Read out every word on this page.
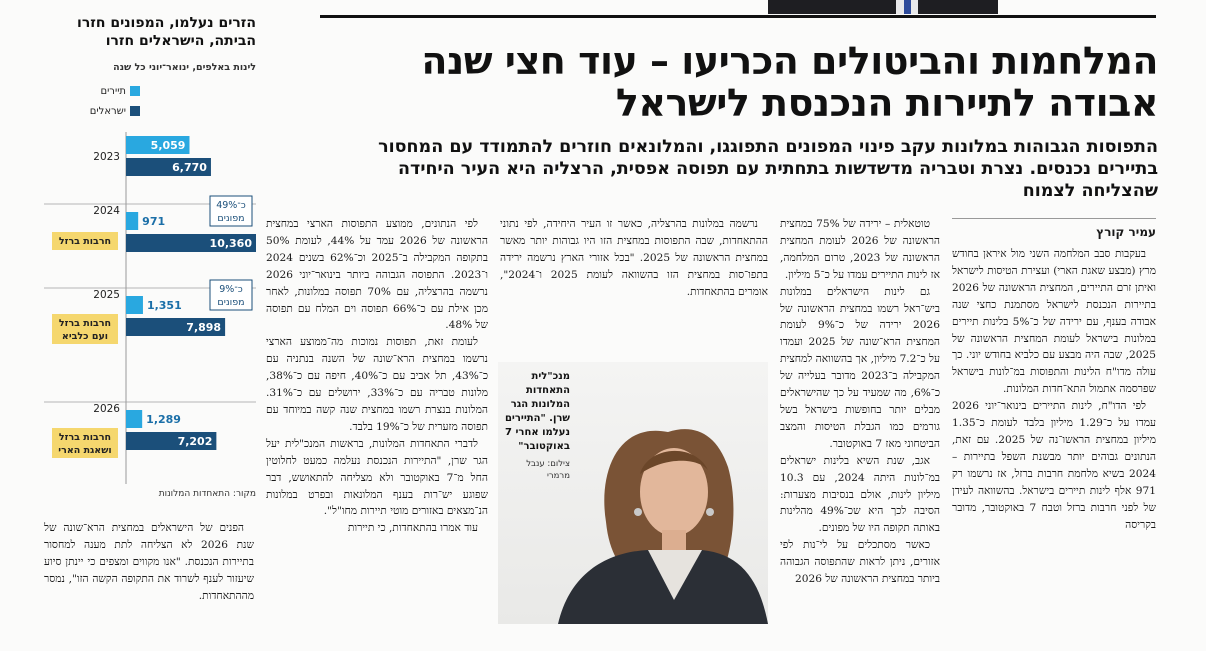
המלחמות והביטולים הכריעו – עוד חצי שנה אבודה לתיירות הנכנסת לישראל
התפוסות הגבוהות במלונות עקב פינוי המפונים התפוגגו, והמלונאים חוזרים להתמודד עם המחסור בתיירים נכנסים. נצרת וטבריה מדשדשות בתחתית עם תפוסה אפסית, הרצליה היא העיר היחידה שהצליחה לצמוח
עמיר קורץ

בעקבות סבב המלחמה השני מול איראן בחודש מרץ (מבצע שאגת הארי) ועצירת הטיסות לישראל ואיתן זרם התיירים, המחצית הראשונה של 2026 בתיירות הנכנסת לישראל מסתמנת כחצי שנה אבודה בענף, עם ירידה של כ־5% בלינות תיירים במלונות בישראל לעומת המחצית הראשונה של 2025, שבה היה מבצע עם כלביא בחודש יוני. כך עולה מדו"ח הלינות והתפוסות במ־לונות בישראל שפרסמה אתמול התא־חדות המלונות.

לפי הדו"ח, לינות התיירים בינואר־יוני 2026 עמדו על כ־1.29 מיליון בלבד לעומת כ־1.35 מיליון במחצית הראשו־נה של 2025. עם זאת, הנתונים גבוהים יותר מבשנת השפל בתיירות – 2024 בשיא מלחמת חרבות ברזל, אז נרשמו רק 971 אלף לינות תיירים בישראל. בהשוואה לעידן של לפני חרבות ברזל וטבח 7 באוקטובר, מדובר בקריסה

טוטאלית – ירידה של 75% במחצית הראשונה של 2026 לעומת המחצית הראשונה של 2023, טרום המלחמה, אז לינות התיירים עמדו על כ־5 מיליון.

גם לינות הישראלים במלונות ביש־ראל רשמו במחצית הראשונה של 2026 ירידה של כ־9% לעומת המחצית הרא־שונה של 2025 ועמדו על כ־7.2 מיליון, אך בהשוואה למחצית המקבילה ב־2023 מדובר בעלייה של כ־6%, מה שמעיד על כך שהישראלים מבלים יותר בחופשות בישראל בשל גורמים כמו הגבלת הטיסות והמצב הביטחוני מאז 7 באוקטובר.

אגב, שנת השיא בלינות ישראלים במ־לונות היתה 2024, עם 10.3 מיליון לינות, אולם בנסיבות מצערות: הסיבה לכך היא שכ־49% מהלינות באותה תקופה היו של מפונים.

כאשר מסתכלים על לי־נות לפי אזורים, ניתן לראות שהתפוסה הגבוהה ביותר במחצית הראשונה של 2026

נרשמה במלונות בהרצליה, כאשר זו העיר היחידה, לפי נתוני ההתאחדות, שבה התפוסות במחצית הזו היו גבוהות יותר מאשר במחצית הראשונה של 2025. "בכל אזורי הארץ נרשמה ירידה בתפו־סות במחצית הזו בהשוואה לעומת 2025 ו־2024", אומרים בהתאחדות.

לפי הנתונים, ממוצע התפוסות הארצי במחצית הראשונה של 2026 עמד על 44%, לעומת 50% בתקופה המקבילה ב־2025 וכ־62% בשנים 2024 ו־2023. התפוסה הגבוהה ביותר בינואר־יוני 2026 נרשמה בהרצליה, עם 70% תפוסה במלונות, לאחר מכן אילת עם כ־66% תפוסה וים המלח עם תפוסה של 48%.

לעומת זאת, תפוסות נמוכות מה־ממוצע הארצי נרשמו במחצית הרא־שונה של השנה בנתניה עם כ־43%, תל אביב עם כ־40%, חיפה עם כ־38%, מלונות טבריה עם כ־33%, ירושלים עם כ־31%. המלונות בנצרת רשמו במחצית שנה קשה במיוחד עם תפוסה מזערית של כ־19% בלבד.

לדברי התאחדות המלונות, בראשות המנכ"לית יעל הגר שרן, "התיירות הנכנסת נעלמה כמעט לחלוטין החל מ־7 באוקטובר ולא מצליחה להתאושש, דבר שפוגע יש־רות בענף המלונאות ובפרט במלונות הנ־מצאים באזורים מוטי תיירות מחו"ל".

עוד אמרו בהתאחדות, כי תיירות

הפנים של הישראלים במחצית הרא־שונה של שנת 2026 לא הצליחה לתת מענה למחסור בתיירות הנכנסת. "אנו מקווים ומצפים כי יינתן סיוע שיעזור לענף לשרוד את התקופה הקשה הזו", נמסר מההתאחדות.

מנכ"לית התאחדות המלונות הגר שרן. "התיירים נעלמו אחרי 7 באוקטובר"
צילום: ענבל מרמרי
הזרים נעלמו, המפונים חזרו הביתה, הישראלים חזרו
לינות באלפים, ינואר־יוני כל שנה
תיירים
ישראלים
5,059
6,770
2023
971
10,360
2024
חרבות ברזל
כ־49%
מפונים
1,351
7,898
2025
חרבות ברזל
ועם כלביא
כ־9%
מפונים
1,289
7,202
2026
חרבות ברזל
ושאגת הארי
מקור: התאחדות המלונות
